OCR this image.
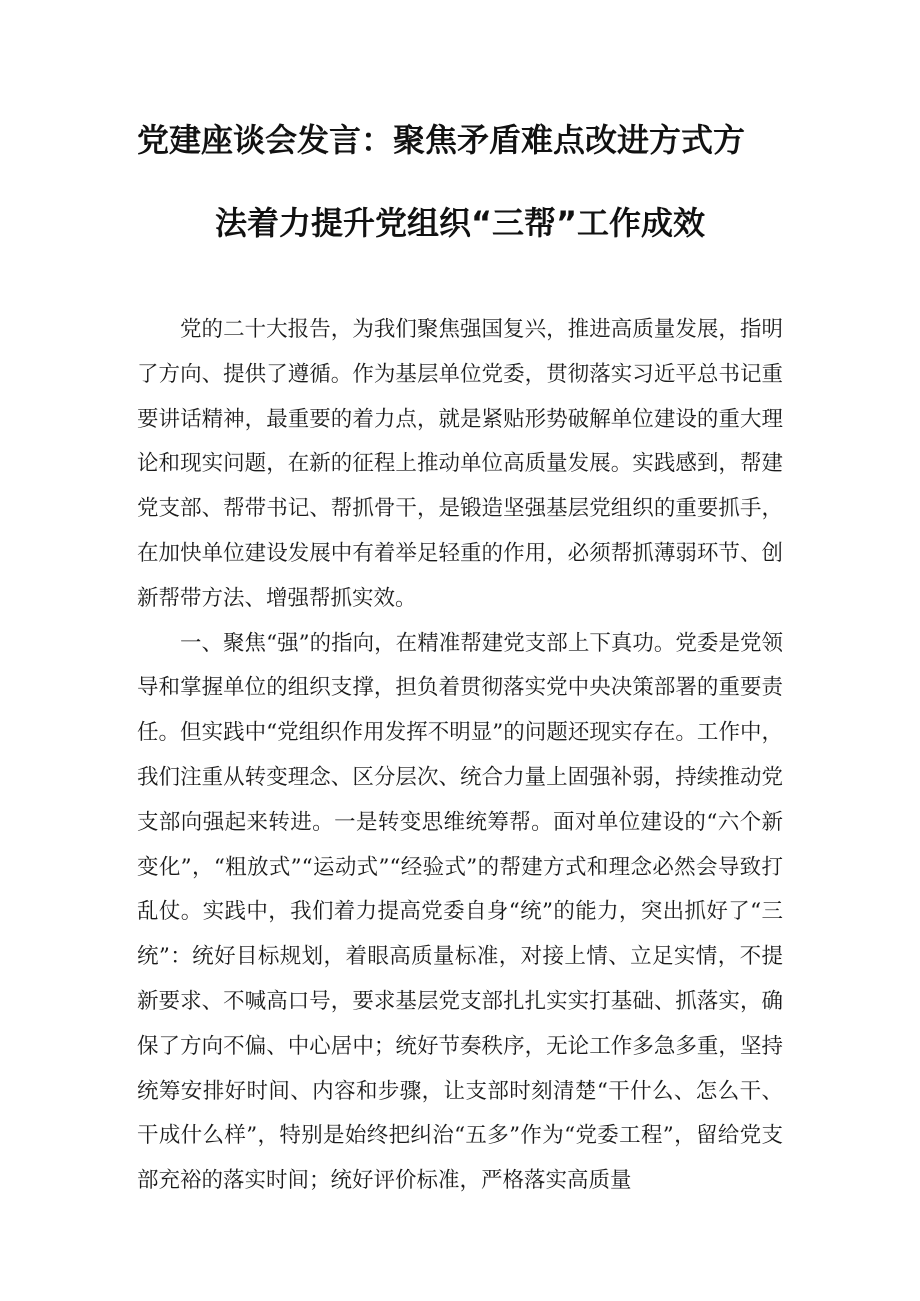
党建座谈会发言：聚焦矛盾难点改进方式方
法着力提升党组织“三帮”工作成效

党的二十大报告，为我们聚焦强国复兴，推进高质量发展，指明了方向、提供了遵循。作为基层单位党委，贯彻落实习近平总书记重要讲话精神，最重要的着力点，就是紧贴形势破解单位建设的重大理论和现实问题，在新的征程上推动单位高质量发展。实践感到，帮建党支部、帮带书记、帮抓骨干，是锻造坚强基层党组织的重要抓手，在加快单位建设发展中有着举足轻重的作用，必须帮抓薄弱环节、创新帮带方法、增强帮抓实效。

一、聚焦“强”的指向，在精准帮建党支部上下真功。党委是党领导和掌握单位的组织支撑，担负着贯彻落实党中央决策部署的重要责任。但实践中“党组织作用发挥不明显”的问题还现实存在。工作中，我们注重从转变理念、区分层次、统合力量上固强补弱，持续推动党支部向强起来转进。一是转变思维统筹帮。面对单位建设的“六个新变化”，“粗放式”“运动式”“经验式”的帮建方式和理念必然会导致打乱仗。实践中，我们着力提高党委自身“统”的能力，突出抓好了“三统”：统好目标规划，着眼高质量标准，对接上情、立足实情，不提新要求、不喊高口号，要求基层党支部扎扎实实打基础、抓落实，确保了方向不偏、中心居中；统好节奏秩序，无论工作多急多重，坚持统筹安排好时间、内容和步骤，让支部时刻清楚“干什么、怎么干、干成什么样”，特别是始终把纠治“五多”作为“党委工程”，留给党支部充裕的落实时间；统好评价标准，严格落实高质量
